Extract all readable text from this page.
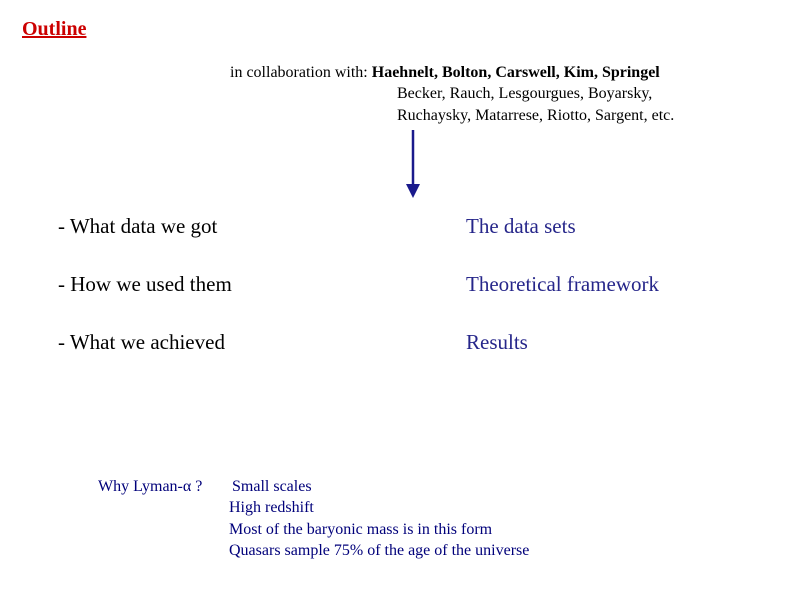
Outline
in collaboration with: Haehnelt, Bolton, Carswell, Kim, Springel
Becker, Rauch, Lesgourgues, Boyarsky,
Ruchaysky, Matarrese, Riotto, Sargent, etc.
- What data we got	The data sets
- How we used them	Theoretical framework
- What we achieved	Results
Why Lyman-α ? Small scales
High redshift
Most of the baryonic mass is in this form
Quasars sample 75% of the age of the universe
